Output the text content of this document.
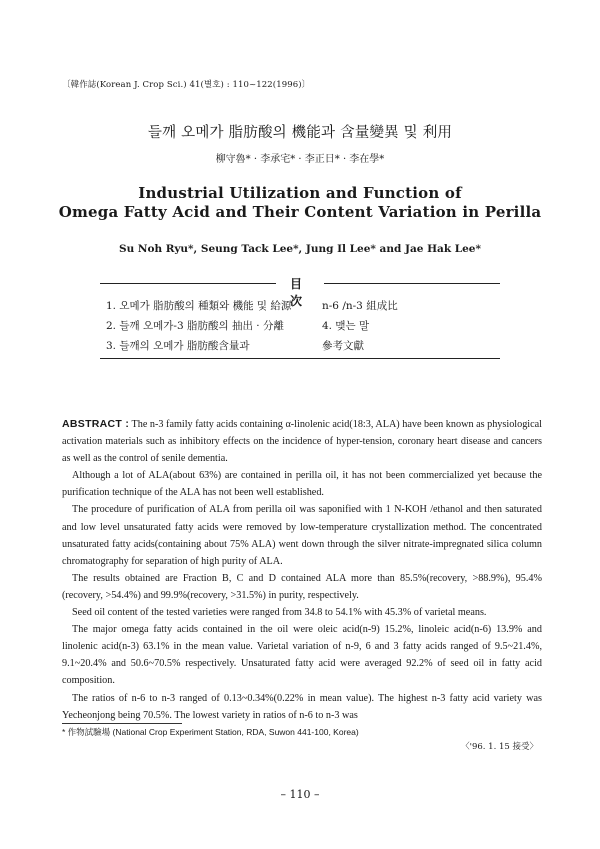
〔韓作誌(Korean J. Crop Sci.) 41(별호) : 110~122(1996)〕
들깨 오메가 脂肪酸의 機能과 含量變異 및 利用
柳守魯* · 李承宅* · 李正日* · 李在學*
Industrial Utilization and Function of
Omega Fatty Acid and Their Content Variation in Perilla
Su Noh Ryu*, Seung Tack Lee*, Jung Il Lee* and Jae Hak Lee*
目 次
1. 오메가 脂肪酸의 種類와 機能 및 給源
2. 들깨 오메가-3 脂肪酸의 抽出 · 分離
3. 들깨의 오메가 脂肪酸含量과
n-6 /n-3 組成比
4. 맺는 말
參考文獻

ABSTRACT : The n-3 family fatty acids containing α-linolenic acid(18:3, ALA) have been known as physiological activation materials such as inhibitory effects on the incidence of hyper-tension, coronary heart disease and cancers as well as the control of senile dementia.

Although a lot of ALA(about 63%) are contained in perilla oil, it has not been commercialized yet because the purification technique of the ALA has not been well established.

The procedure of purification of ALA from perilla oil was saponified with 1 N-KOH /ethanol and then saturated and low level unsaturated fatty acids were removed by low-temperature crystallization method. The concentrated unsaturated fatty acids(containing about 75% ALA) went down through the silver nitrate-impregnated silica column chromatography for separation of high purity of ALA.

The results obtained are Fraction B, C and D contained ALA more than 85.5%(recovery, >88.9%), 95.4%(recovery, >54.4%) and 99.9%(recovery, >31.5%) in purity, respectively.

Seed oil content of the tested varieties were ranged from 34.8 to 54.1% with 45.3% of varietal means.

The major omega fatty acids contained in the oil were oleic acid(n-9) 15.2%, linoleic acid(n-6) 13.9% and linolenic acid(n-3) 63.1% in the mean value. Varietal variation of n-9, 6 and 3 fatty acids ranged of 9.5~21.4%, 9.1~20.4% and 50.6~70.5% respectively. Unsaturated fatty acid were averaged 92.2% of seed oil in fatty acid composition.

The ratios of n-6 to n-3 ranged of 0.13~0.34%(0.22% in mean value). The highest n-3 fatty acid variety was Yecheonjong being 70.5%. The lowest variety in ratios of n-6 to n-3 was

* 作物試驗場 (National Crop Experiment Station, RDA, Suwon 441-100, Korea)
〈'96. 1. 15 接受〉
– 110 –
